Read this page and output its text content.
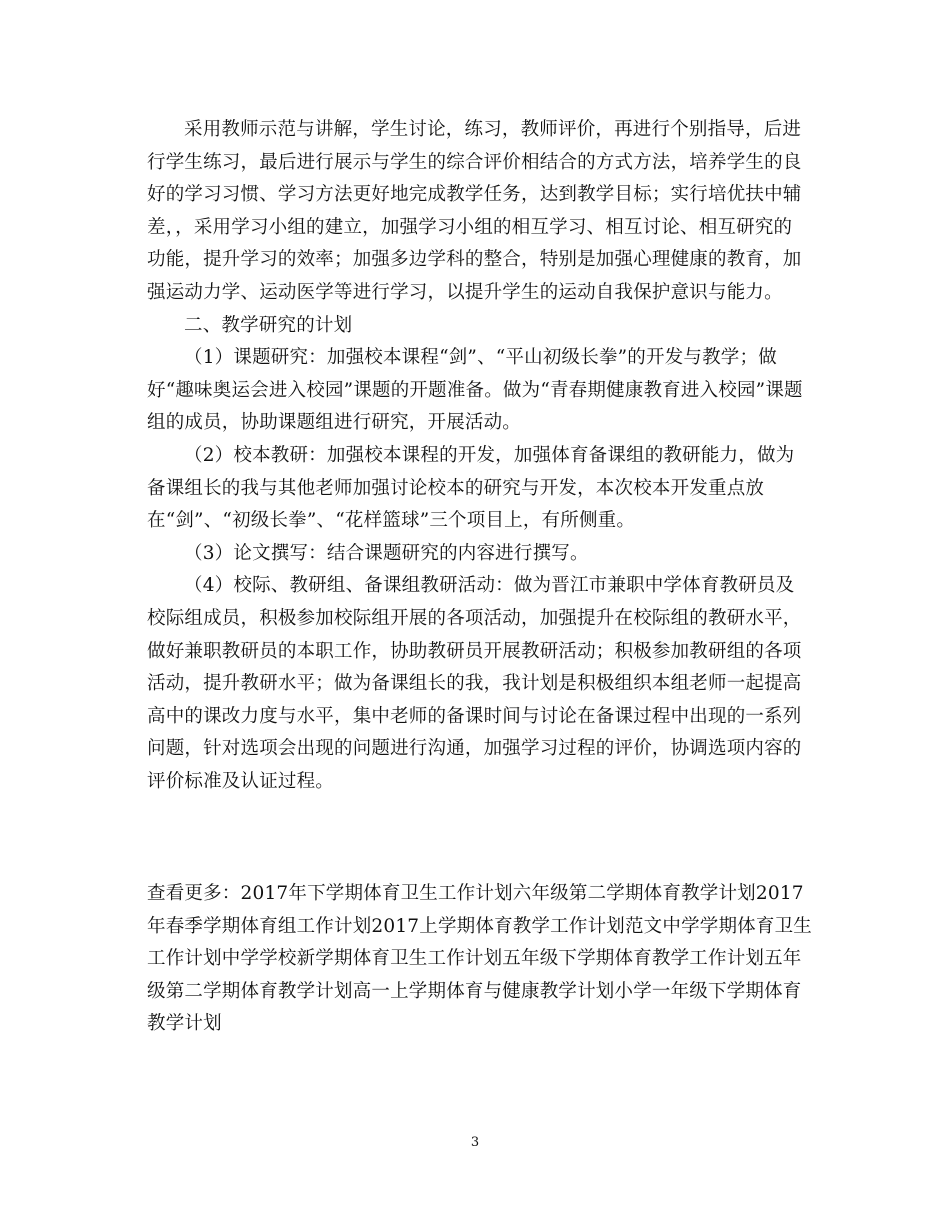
采用教师示范与讲解，学生讨论，练习，教师评价，再进行个别指导，后进
行学生练习，最后进行展示与学生的综合评价相结合的方式方法，培养学生的良
好的学习习惯、学习方法更好地完成教学任务，达到教学目标；实行培优扶中辅
差，，采用学习小组的建立，加强学习小组的相互学习、相互讨论、相互研究的
功能，提升学习的效率；加强多边学科的整合，特别是加强心理健康的教育，加
强运动力学、运动医学等进行学习，以提升学生的运动自我保护意识与能力。
二、教学研究的计划
（1）课题研究：加强校本课程“剑”、“平山初级长拳”的开发与教学；做
好“趣味奥运会进入校园”课题的开题准备。做为“青春期健康教育进入校园”课题
组的成员，协助课题组进行研究，开展活动。
（2）校本教研：加强校本课程的开发，加强体育备课组的教研能力，做为
备课组长的我与其他老师加强讨论校本的研究与开发，本次校本开发重点放
在“剑”、“初级长拳”、“花样篮球”三个项目上，有所侧重。
（3）论文撰写：结合课题研究的内容进行撰写。
（4）校际、教研组、备课组教研活动：做为晋江市兼职中学体育教研员及
校际组成员，积极参加校际组开展的各项活动，加强提升在校际组的教研水平，
做好兼职教研员的本职工作，协助教研员开展教研活动；积极参加教研组的各项
活动，提升教研水平；做为备课组长的我，我计划是积极组织本组老师一起提高
高中的课改力度与水平，集中老师的备课时间与讨论在备课过程中出现的一系列
问题，针对选项会出现的问题进行沟通，加强学习过程的评价，协调选项内容的
评价标准及认证过程。
查看更多：2017年下学期体育卫生工作计划六年级第二学期体育教学计划2017
年春季学期体育组工作计划2017上学期体育教学工作计划范文中学学期体育卫生
工作计划中学学校新学期体育卫生工作计划五年级下学期体育教学工作计划五年
级第二学期体育教学计划高一上学期体育与健康教学计划小学一年级下学期体育
教学计划
3
